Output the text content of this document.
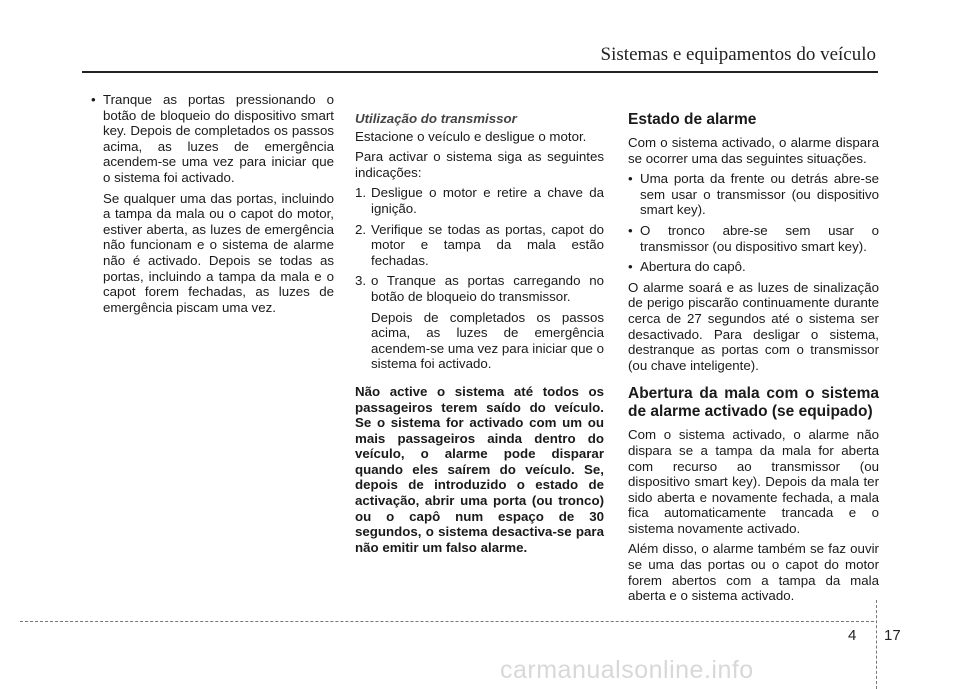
Sistemas e equipamentos do veículo
• Tranque as portas pressionando o botão de bloqueio do dispositivo smart key. Depois de completados os passos acima, as luzes de emergência acendem-se uma vez para iniciar que o sistema foi activado.

Se qualquer uma das portas, incluindo a tampa da mala ou o capot do motor, estiver aberta, as luzes de emergência não funcionam e o sistema de alarme não é activado. Depois se todas as portas, incluindo a tampa da mala e o capot forem fechadas, as luzes de emergência piscam uma vez.

Utilização do transmissor

Estacione o veículo e desligue o motor.

Para activar o sistema siga as seguintes indicações:

1. Desligue o motor e retire a chave da ignição.
2. Verifique se todas as portas, capot do motor e tampa da mala estão fechadas.
3. o Tranque as portas carregando no botão de bloqueio do transmissor.

Depois de completados os passos acima, as luzes de emergência acendem-se uma vez para iniciar que o sistema foi activado.

Não active o sistema até todos os passageiros terem saído do veículo. Se o sistema for activado com um ou mais passageiros ainda dentro do veículo, o alarme pode disparar quando eles saírem do veículo. Se, depois de introduzido o estado de activação, abrir uma porta (ou tronco) ou o capô num espaço de 30 segundos, o sistema desactiva-se para não emitir um falso alarme.

Estado de alarme

Com o sistema activado, o alarme dispara se ocorrer uma das seguintes situações.

• Uma porta da frente ou detrás abre-se sem usar o transmissor (ou dispositivo smart key).
• O tronco abre-se sem usar o transmissor (ou dispositivo smart key).
• Abertura do capô.

O alarme soará e as luzes de sinalização de perigo piscarão continuamente durante cerca de 27 segundos até o sistema ser desactivado. Para desligar o sistema, destranque as portas com o transmissor (ou chave inteligente).

Abertura da mala com o sistema de alarme activado (se equipado)

Com o sistema activado, o alarme não dispara se a tampa da mala for aberta com recurso ao transmissor (ou dispositivo smart key). Depois da mala ter sido aberta e novamente fechada, a mala fica automaticamente trancada e o sistema novamente activado.

Além disso, o alarme também se faz ouvir se uma das portas ou o capot do motor forem abertos com a tampa da mala aberta e o sistema activado.

4 17
carmanualsonline.info
